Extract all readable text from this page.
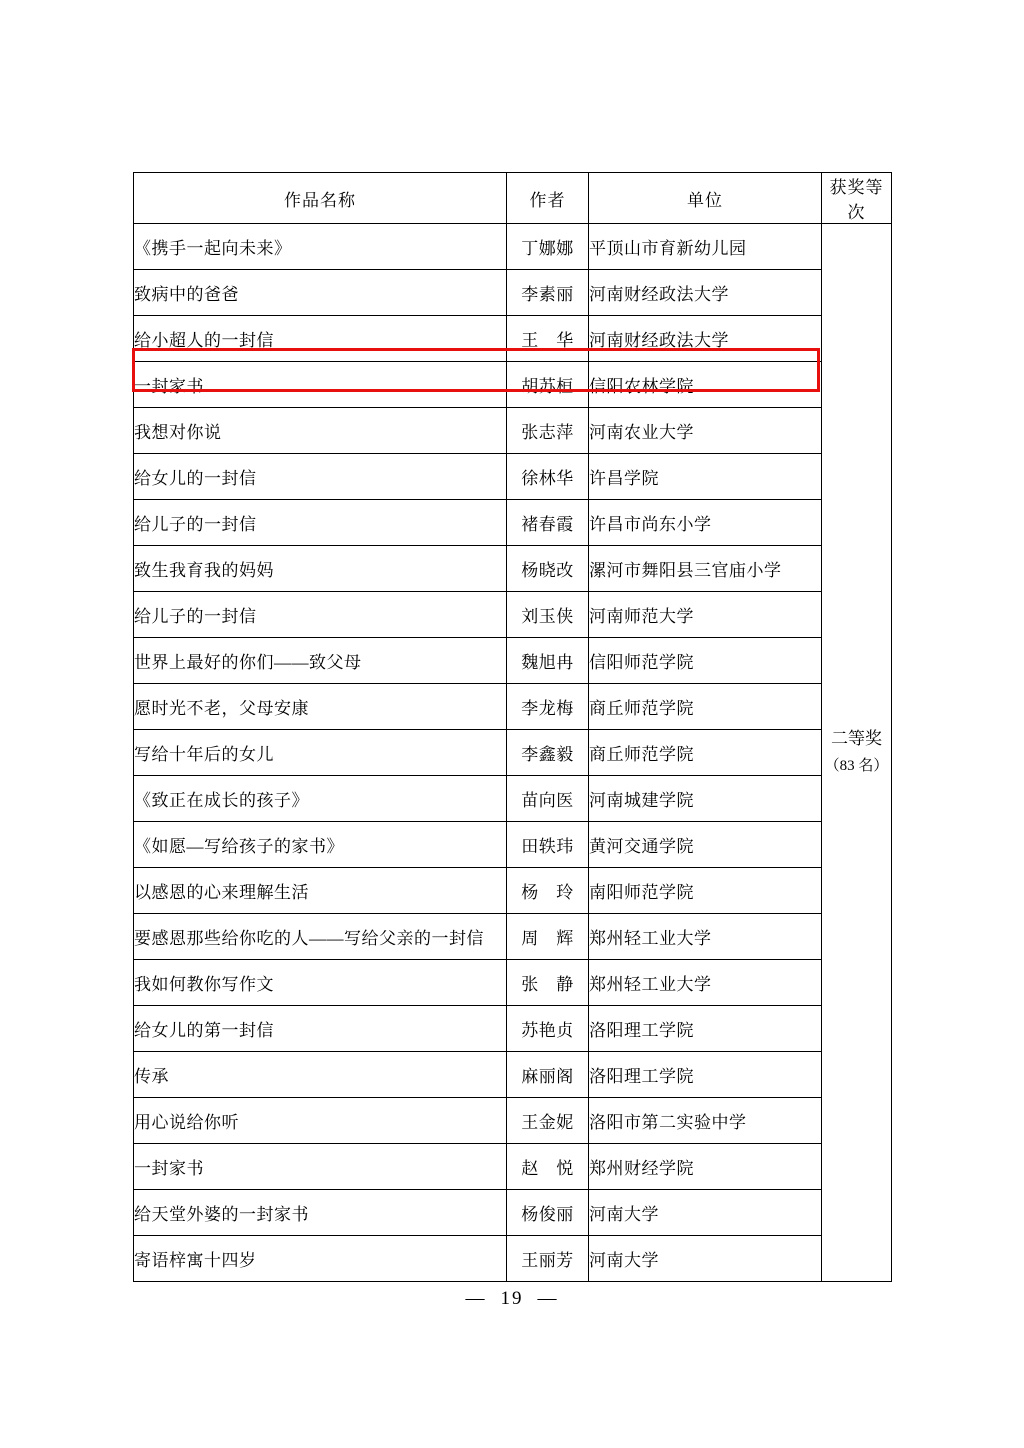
作品名称	作者	单位	获奖等次
《携手一起向未来》	丁娜娜	平顶山市育新幼儿园	二等奖
（83 名）

致病中的爸爸	李素丽	河南财经政法大学	
给小超人的一封信	王　华	河南财经政法大学	
一封家书	胡苏桓	信阳农林学院	
我想对你说	张志萍	河南农业大学	
给女儿的一封信	徐林华	许昌学院	
给儿子的一封信	褚春霞	许昌市尚东小学	
致生我育我的妈妈	杨晓改	漯河市舞阳县三官庙小学	
给儿子的一封信	刘玉侠	河南师范大学	
世界上最好的你们——致父母	魏旭冉	信阳师范学院	
愿时光不老，父母安康	李龙梅	商丘师范学院	
写给十年后的女儿	李鑫毅	商丘师范学院	
《致正在成长的孩子》	苗向医	河南城建学院	
《如愿—写给孩子的家书》	田轶玮	黄河交通学院	
以感恩的心来理解生活	杨　玲	南阳师范学院	
要感恩那些给你吃的人——写给父亲的一封信	周　辉	郑州轻工业大学	
我如何教你写作文	张　静	郑州轻工业大学	
给女儿的第一封信	苏艳贞	洛阳理工学院	
传承	麻丽阁	洛阳理工学院	
用心说给你听	王金妮	洛阳市第二实验中学	
一封家书	赵　悦	郑州财经学院	
给天堂外婆的一封家书	杨俊丽	河南大学	
寄语梓寓十四岁	王丽芳	河南大学	
— 19 —
